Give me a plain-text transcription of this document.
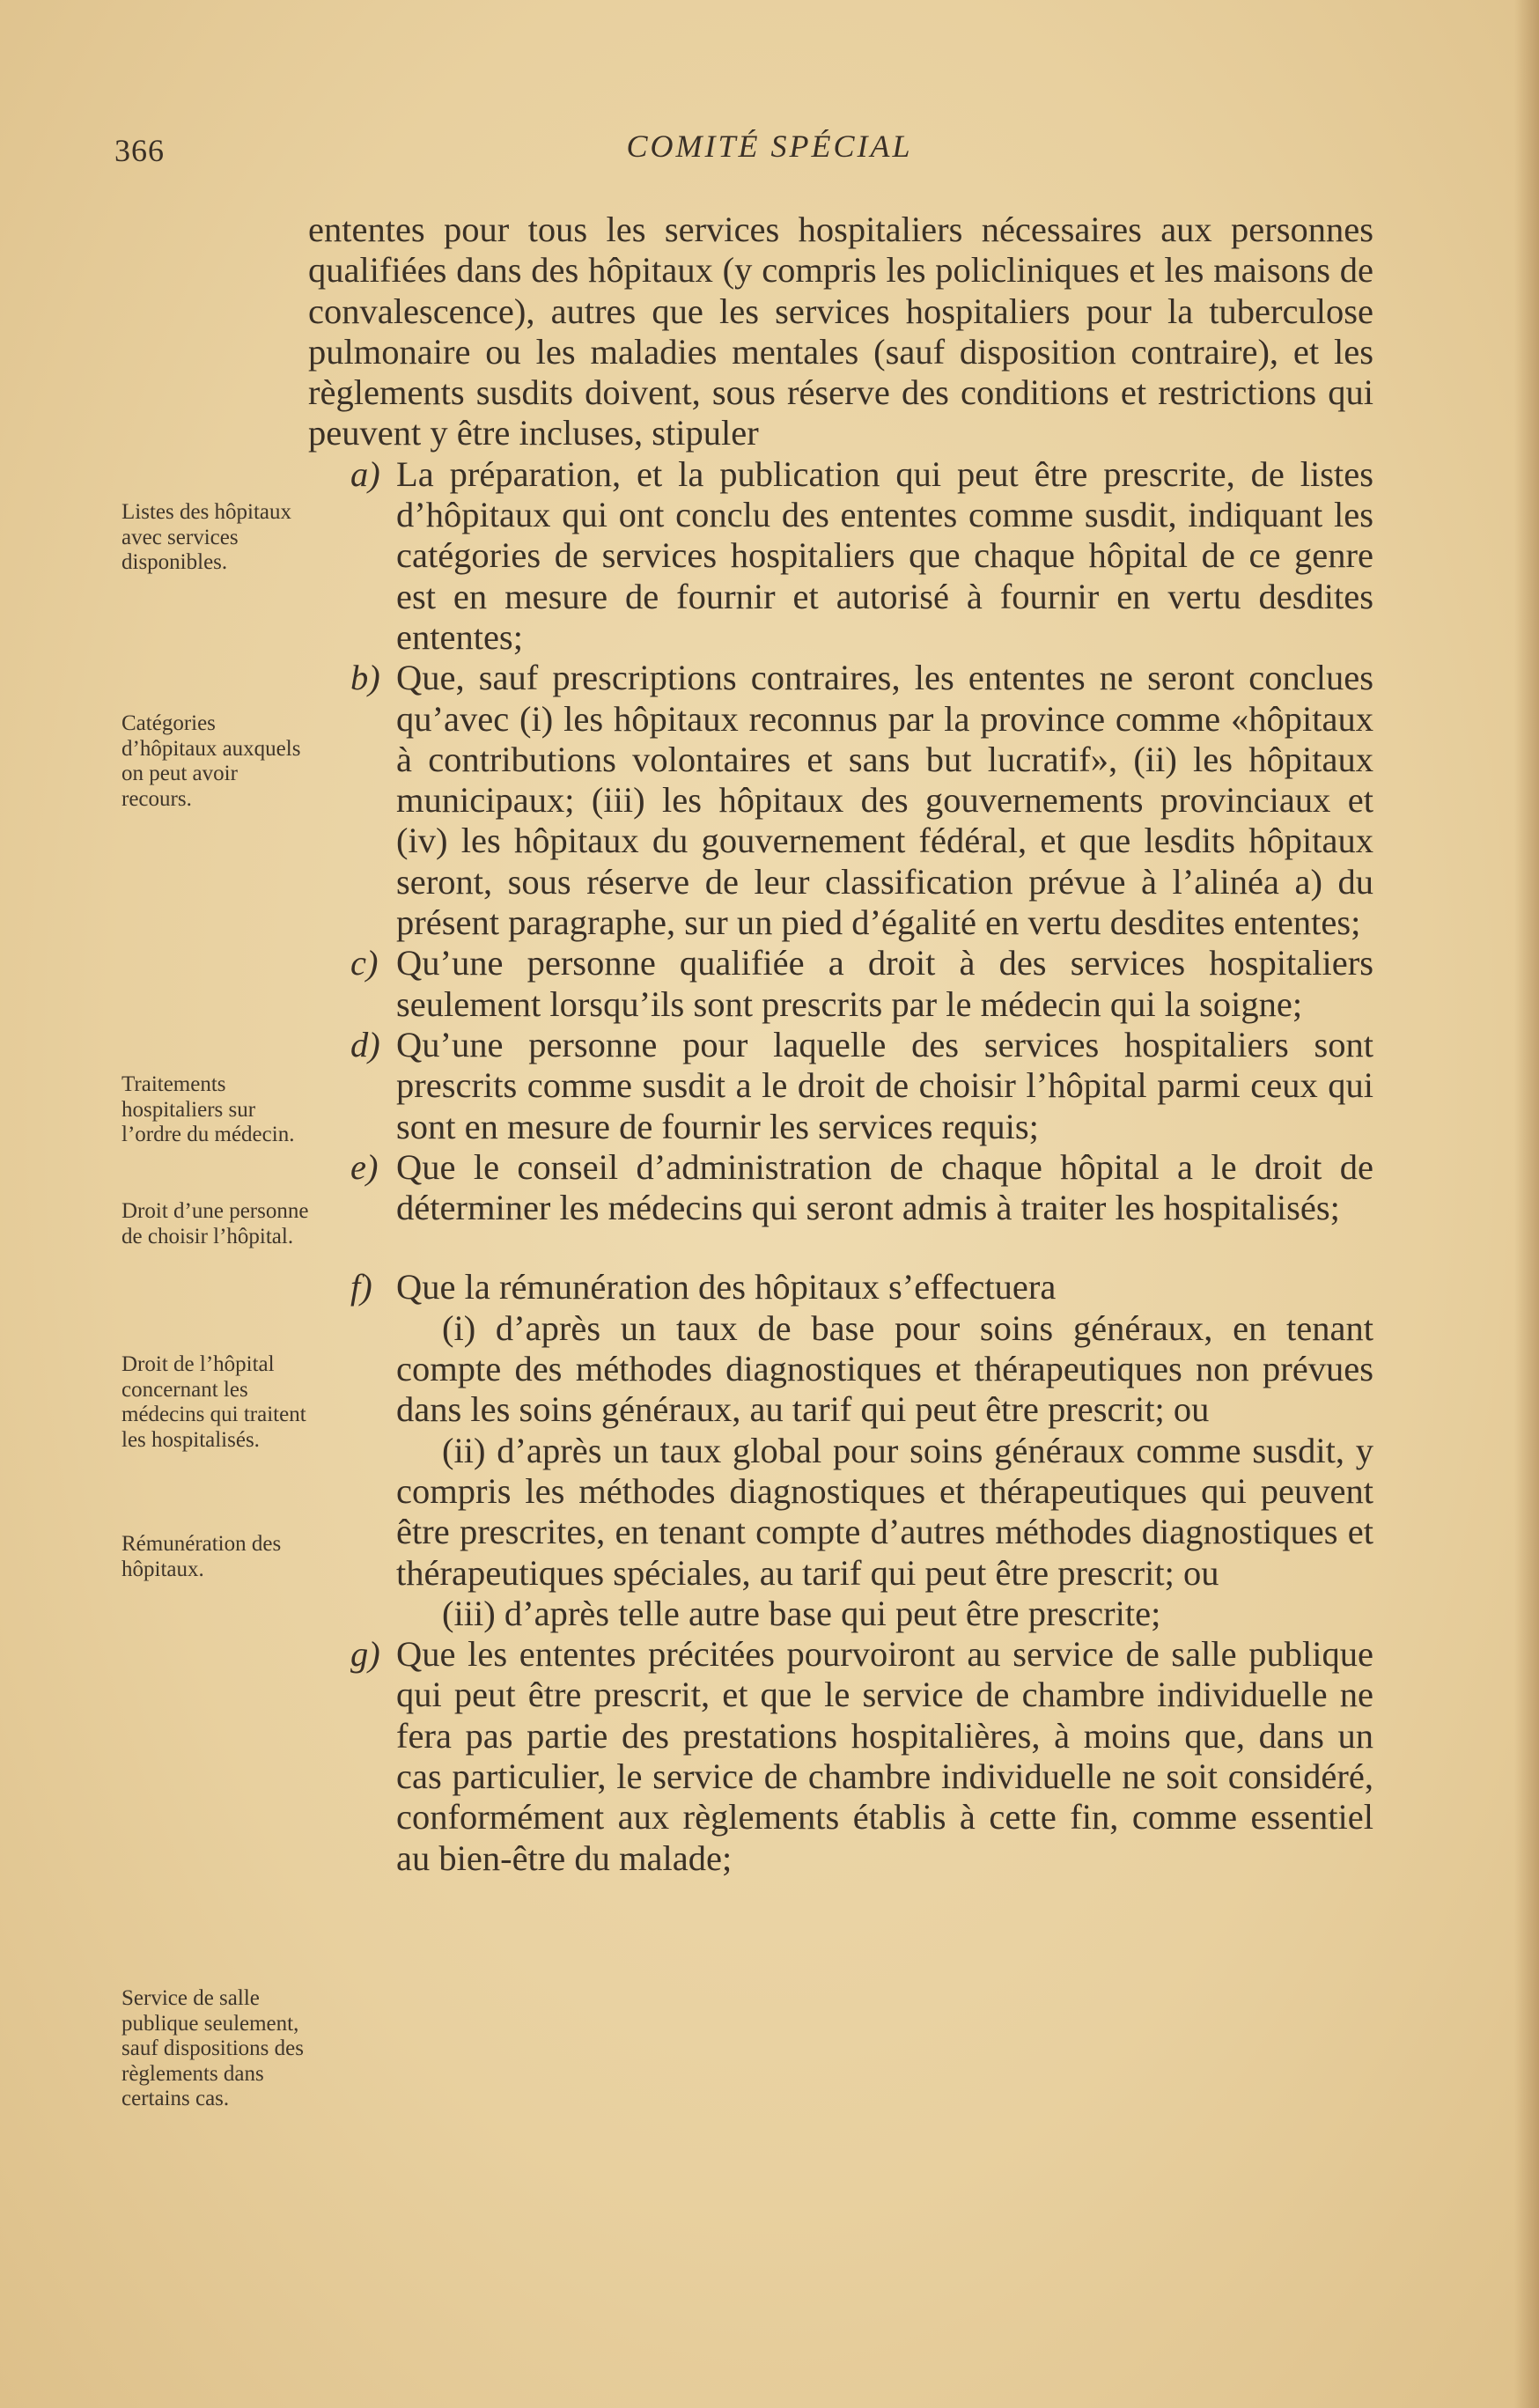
366	COMITÉ SPÉCIAL
Listes des hôpitaux avec services disponibles.
Catégories d’hôpitaux auxquels on peut avoir recours.
Traitements hospitaliers sur l’ordre du médecin.
Droit d’une personne de choisir l’hôpital.
Droit de l’hôpital concernant les médecins qui traitent les hospitalisés.
Rémunération des hôpitaux.
Service de salle publique seulement, sauf dispositions des règlements dans certains cas.

ententes pour tous les services hospitaliers nécessaires aux personnes qualifiées dans des hôpitaux (y compris les policliniques et les maisons de convalescence), autres que les services hospitaliers pour la tuberculose pulmonaire ou les maladies mentales (sauf disposition contraire), et les règlements susdits doivent, sous réserve des conditions et restrictions qui peuvent y être incluses, stipuler

a) La préparation, et la publication qui peut être prescrite, de listes d’hôpitaux qui ont conclu des ententes comme susdit, indiquant les catégories de services hospitaliers que chaque hôpital de ce genre est en mesure de fournir et autorisé à fournir en vertu desdites ententes;
b) Que, sauf prescriptions contraires, les ententes ne seront conclues qu’avec (i) les hôpitaux reconnus par la province comme «hôpitaux à contributions volontaires et sans but lucratif», (ii) les hôpitaux municipaux; (iii) les hôpitaux des gouvernements provinciaux et (iv) les hôpitaux du gouvernement fédéral, et que lesdits hôpitaux seront, sous réserve de leur classification prévue à l’alinéa a) du présent paragraphe, sur un pied d’égalité en vertu desdites ententes;
c) Qu’une personne qualifiée a droit à des services hospitaliers seulement lorsqu’ils sont prescrits par le médecin qui la soigne;
d) Qu’une personne pour laquelle des services hospitaliers sont prescrits comme susdit a le droit de choisir l’hôpital parmi ceux qui sont en mesure de fournir les services requis;
e) Que le conseil d’administration de chaque hôpital a le droit de déterminer les médecins qui seront admis à traiter les hospitalisés;
f) Que la rémunération des hôpitaux s’effectuera

(i) d’après un taux de base pour soins généraux, en tenant compte des méthodes diagnostiques et thérapeutiques non prévues dans les soins généraux, au tarif qui peut être prescrit; ou

(ii) d’après un taux global pour soins généraux comme susdit, y compris les méthodes diagnostiques et thérapeutiques qui peuvent être prescrites, en tenant compte d’autres méthodes diagnostiques et thérapeutiques spéciales, au tarif qui peut être prescrit; ou

(iii) d’après telle autre base qui peut être prescrite;

g) Que les ententes précitées pourvoiront au service de salle publique qui peut être prescrit, et que le service de chambre individuelle ne fera pas partie des prestations hospitalières, à moins que, dans un cas particulier, le service de chambre individuelle ne soit considéré, conformément aux règlements établis à cette fin, comme essentiel au bien-être du malade;
